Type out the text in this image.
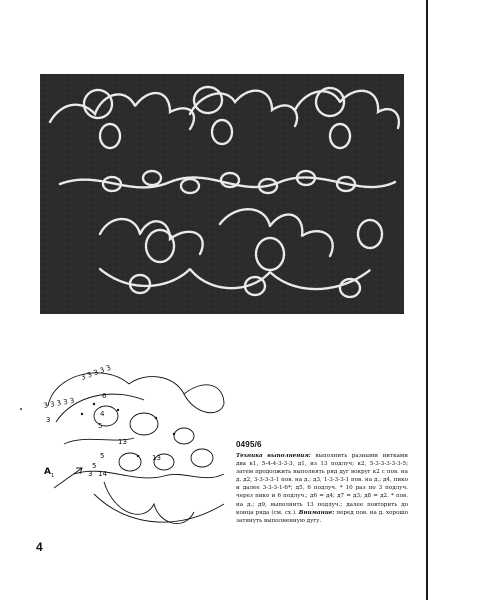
3 3 3 3 3
3 3 3 3 3
3
6
4
5
5
13
13
3 14
5
A 1
0495/6
Техника выполнения: выполнить разными нитками два к1, 5-4-4-3-3-3, д1, из 13 подлуч; к2, 5-3-3-3-3-3-5; затем продолжить выполнять ряд дуг вокруг к2 с пов. на д. д2, 3-3-3-3-1 пов. на д.; д3, 1-3-3-3-1 пов. на д.; д4, пико и далее 3-3-3-1-6*; д5, 6 подлуч. * 10 раз по 3 подлуч. через пико и 6 подлуч.; д6 = д4; д7 = д3; д8 = д2. * пов. на д.; д9, выполнить 13 подлуч.; далее повторить до конца ряда (см. сх.). Внимание: перед пов. на д. хорошо затянуть выполненную дугу.
4
